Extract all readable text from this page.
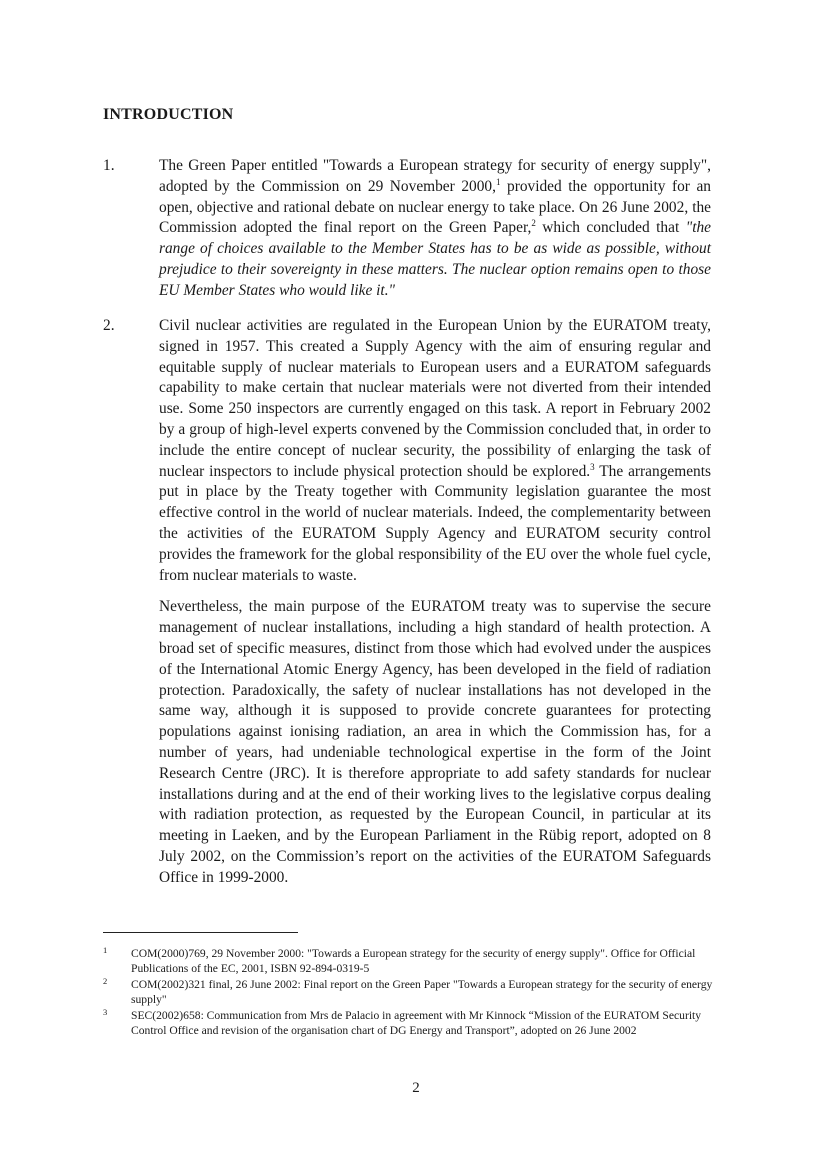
INTRODUCTION
1.	The Green Paper entitled "Towards a European strategy for security of energy supply", adopted by the Commission on 29 November 2000,$^1$ provided the opportunity for an open, objective and rational debate on nuclear energy to take place. On 26 June 2002, the Commission adopted the final report on the Green Paper,$^2$ which concluded that "the range of choices available to the Member States has to be as wide as possible, without prejudice to their sovereignty in these matters. The nuclear option remains open to those EU Member States who would like it."

2.	Civil nuclear activities are regulated in the European Union by the EURATOM treaty, signed in 1957. This created a Supply Agency with the aim of ensuring regular and equitable supply of nuclear materials to European users and a EURATOM safeguards capability to make certain that nuclear materials were not diverted from their intended use. Some 250 inspectors are currently engaged on this task. A report in February 2002 by a group of high-level experts convened by the Commission concluded that, in order to include the entire concept of nuclear security, the possibility of enlarging the task of nuclear inspectors to include physical protection should be explored.$^3$ The arrangements put in place by the Treaty together with Community legislation guarantee the most effective control in the world of nuclear materials. Indeed, the complementarity between the activities of the EURATOM Supply Agency and EURATOM security control provides the framework for the global responsibility of the EU over the whole fuel cycle, from nuclear materials to waste.

Nevertheless, the main purpose of the EURATOM treaty was to supervise the secure management of nuclear installations, including a high standard of health protection. A broad set of specific measures, distinct from those which had evolved under the auspices of the International Atomic Energy Agency, has been developed in the field of radiation protection. Paradoxically, the safety of nuclear installations has not developed in the same way, although it is supposed to provide concrete guarantees for protecting populations against ionising radiation, an area in which the Commission has, for a number of years, had undeniable technological expertise in the form of the Joint Research Centre (JRC). It is therefore appropriate to add safety standards for nuclear installations during and at the end of their working lives to the legislative corpus dealing with radiation protection, as requested by the European Council, in particular at its meeting in Laeken, and by the European Parliament in the Rübig report, adopted on 8 July 2002, on the Commission’s report on the activities of the EURATOM Safeguards Office in 1999-2000.

1 COM(2000)769, 29 November 2000: "Towards a European strategy for the security of energy supply". Office for Official Publications of the EC, 2001, ISBN 92-894-0319-5
2 COM(2002)321 final, 26 June 2002: Final report on the Green Paper "Towards a European strategy for the security of energy supply"
3 SEC(2002)658: Communication from Mrs de Palacio in agreement with Mr Kinnock “Mission of the EURATOM Security Control Office and revision of the organisation chart of DG Energy and Transport”, adopted on 26 June 2002
2
